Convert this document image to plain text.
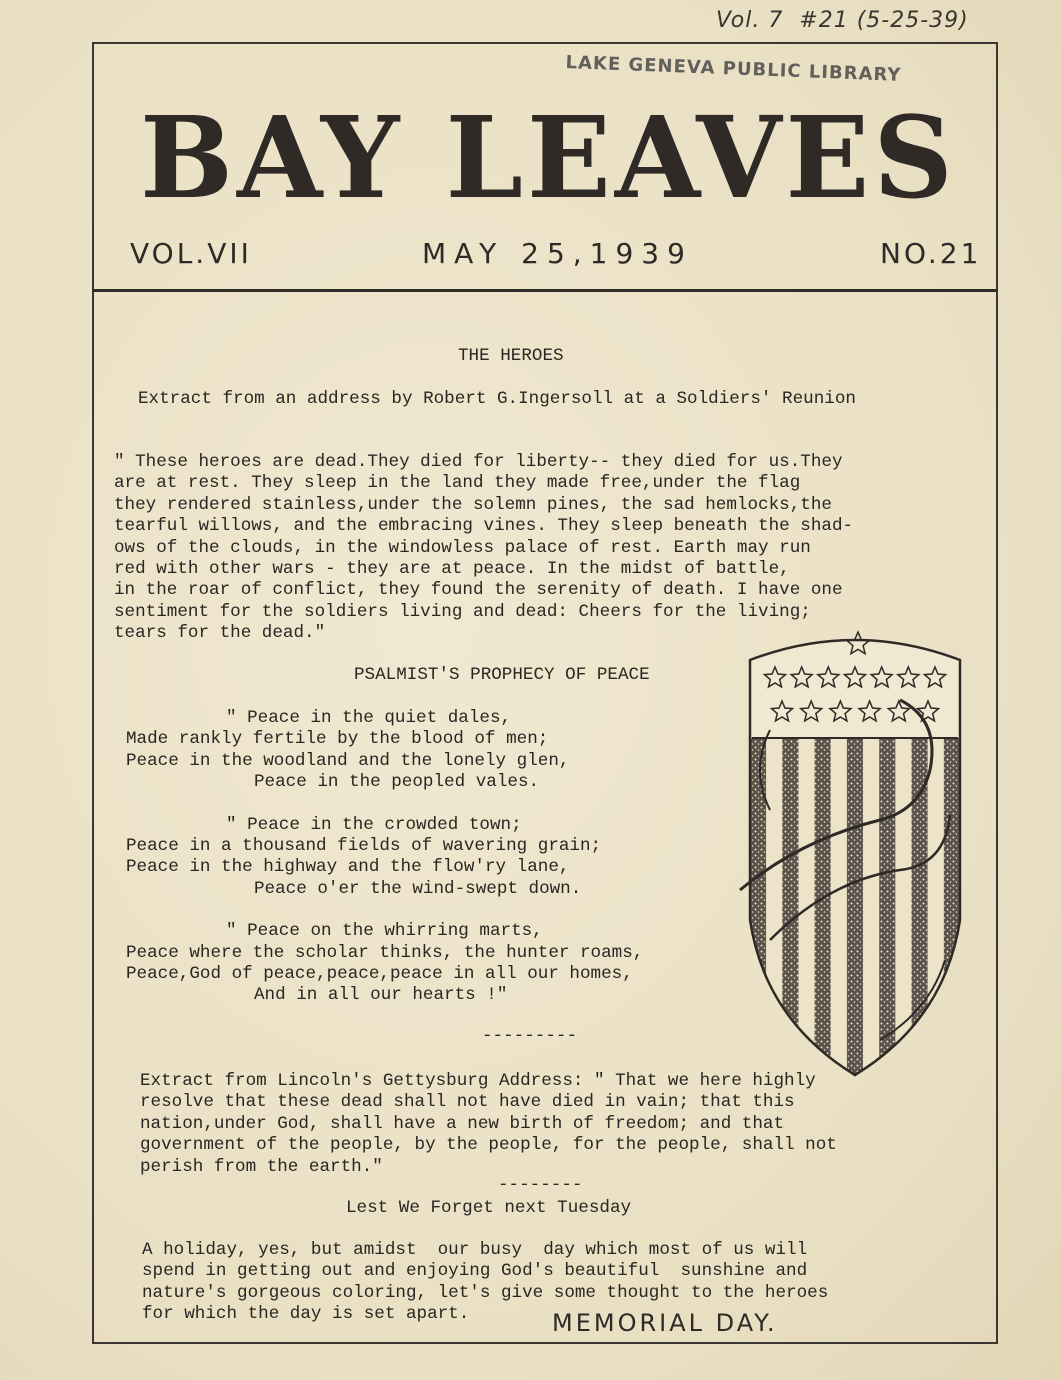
Vol. 7  #21 (5-25-39)
LAKE GENEVA PUBLIC LIBRARY
BAY LEAVES
VOL.VII	MAY 25,1939	NO.21
THE HEROES
Extract from an address by Robert G.Ingersoll at a Soldiers' Reunion
" These heroes are dead.They died for liberty-- they died for us.They
are at rest. They sleep in the land they made free,under the flag
they rendered stainless,under the solemn pines, the sad hemlocks,the
tearful willows, and the embracing vines. They sleep beneath the shad-
ows of the clouds, in the windowless palace of rest. Earth may run
red with other wars - they are at peace. In the midst of battle,
in the roar of conflict, they found the serenity of death. I have one
sentiment for the soldiers living and dead: Cheers for the living;
tears for the dead."
PSALMIST'S PROPHECY OF PEACE
" Peace in the quiet dales,
Made rankly fertile by the blood of men;
Peace in the woodland and the lonely glen,
Peace in the peopled vales.
" Peace in the crowded town;
Peace in a thousand fields of wavering grain;
Peace in the highway and the flow'ry lane,
Peace o'er the wind-swept down.
" Peace on the whirring marts,
Peace where the scholar thinks, the hunter roams,
Peace,God of peace,peace,peace in all our homes,
And in all our hearts !"
---------
Extract from Lincoln's Gettysburg Address: " That we here highly
resolve that these dead shall not have died in vain; that this
nation,under God, shall have a new birth of freedom; and that
government of the people, by the people, for the people, shall not
perish from the earth."
--------
Lest We Forget next Tuesday
A holiday, yes, but amidst  our busy  day which most of us will
spend in getting out and enjoying God's beautiful  sunshine and
nature's gorgeous coloring, let's give some thought to the heroes
for which the day is set apart.	MEMORIAL DAY.
